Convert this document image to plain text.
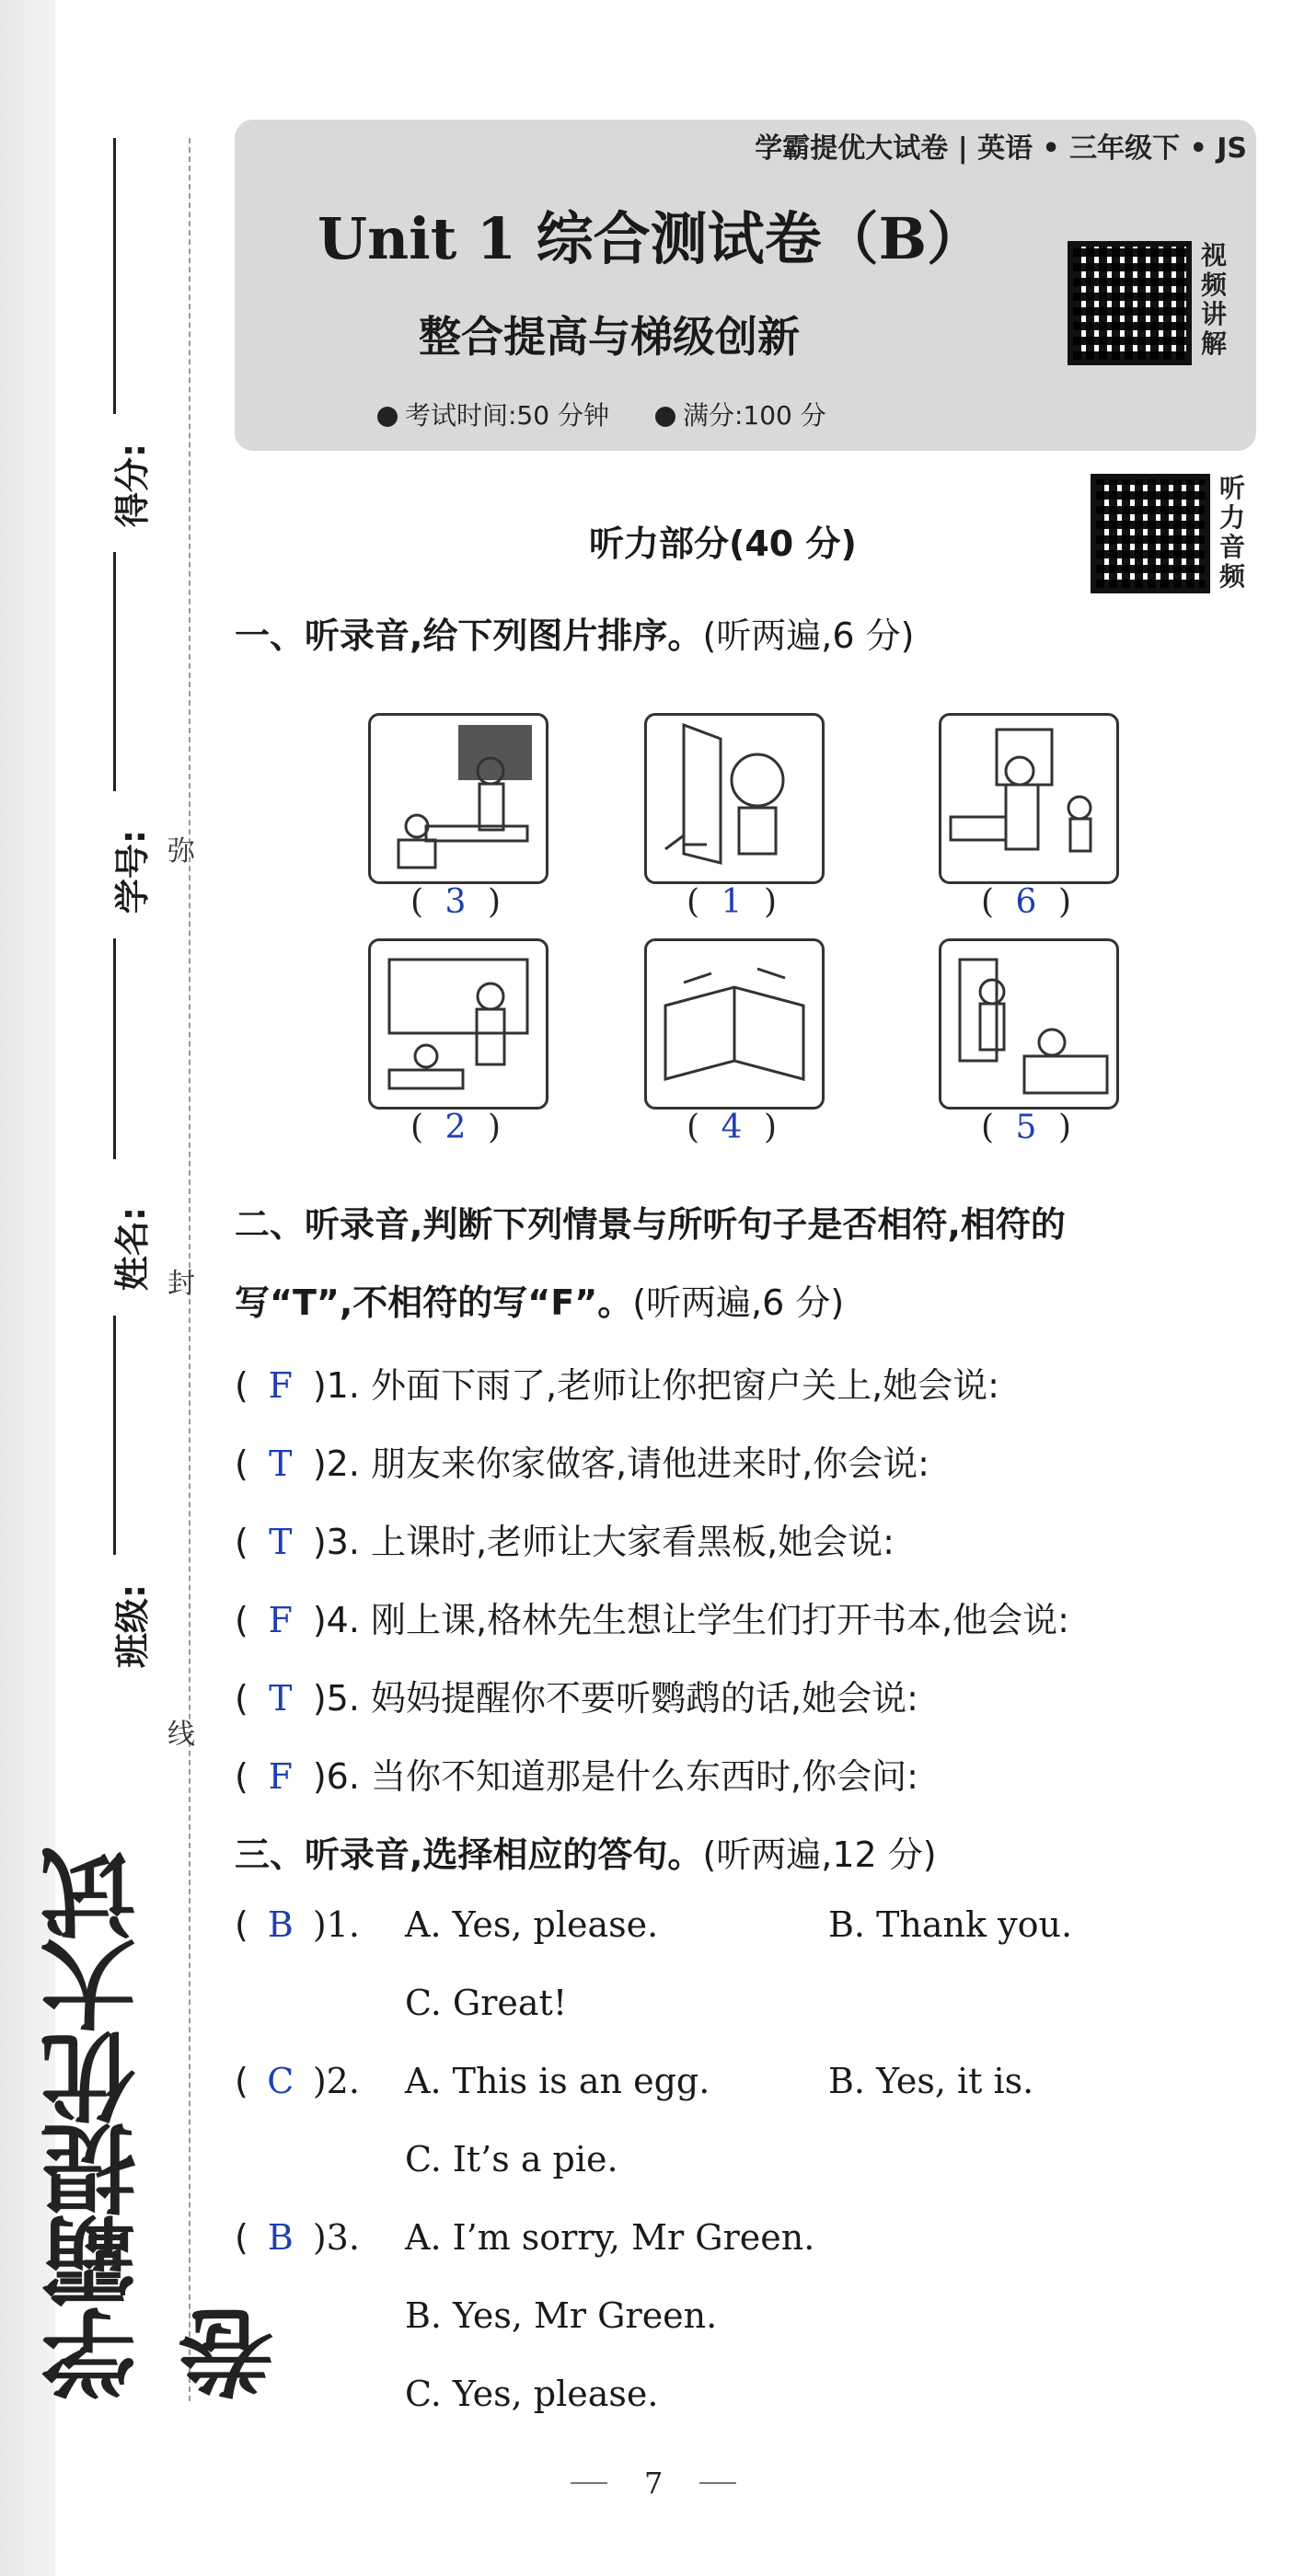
得分:
学号:
姓名:
班级:
弥
封
线
学霸提优大试卷
学霸提优大试卷 | 英语 • 三年级下 • JS
Unit 1 综合测试卷（B）
整合提高与梯级创新
考试时间:50 分钟	满分:100 分
视频讲解
听力音频
听力部分(40 分)
一、听录音,给下列图片排序。(听两遍,6 分)
( 3 )	( 1 )	( 6 )
( 2 )	( 4 )	( 5 )
二、听录音,判断下列情景与所听句子是否相符,相符的
写“T”,不相符的写“F”。(听两遍,6 分)
( F )1. 外面下雨了,老师让你把窗户关上,她会说:
( T )2. 朋友来你家做客,请他进来时,你会说:
( T )3. 上课时,老师让大家看黑板,她会说:
( F )4. 刚上课,格林先生想让学生们打开书本,他会说:
( T )5. 妈妈提醒你不要听鹦鹉的话,她会说:
( F )6. 当你不知道那是什么东西时,你会问:
三、听录音,选择相应的答句。(听两遍,12 分)
( B )1. A. Yes, please.	B. Thank you.
C. Great!
( C )2. A. This is an egg.	B. Yes, it is.
C. It’s a pie.
( B )3. A. I’m sorry, Mr Green.
B. Yes, Mr Green.
C. Yes, please.
7
